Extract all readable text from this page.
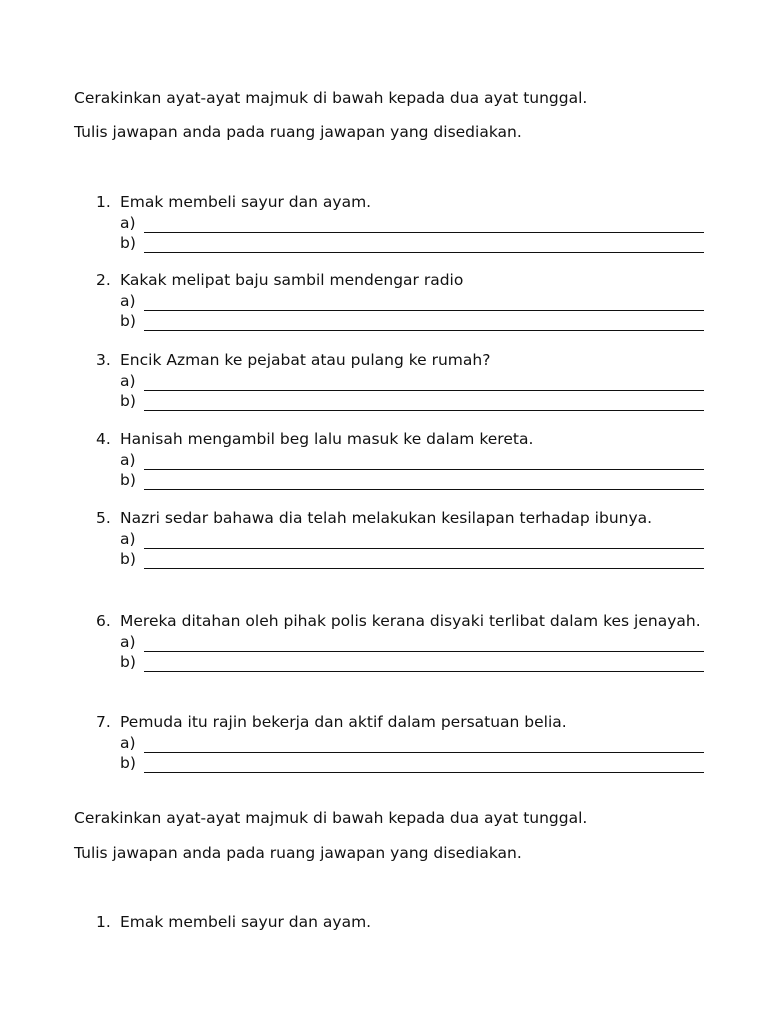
Cerakinkan ayat-ayat majmuk di bawah kepada dua ayat tunggal.

Tulis jawapan anda pada ruang jawapan yang disediakan.

1. Emak membeli sayur dan ayam.
a)
b)
2. Kakak melipat baju sambil mendengar radio
a)
b)
3. Encik Azman ke pejabat atau pulang ke rumah?
a)
b)
4. Hanisah mengambil beg lalu masuk ke dalam kereta.
a)
b)
5. Nazri sedar bahawa dia telah melakukan kesilapan terhadap ibunya.
a)
b)
6. Mereka ditahan oleh pihak polis kerana disyaki terlibat dalam kes jenayah.
a)
b)
7. Pemuda itu rajin bekerja dan aktif dalam persatuan belia.
a)
b)

Cerakinkan ayat-ayat majmuk di bawah kepada dua ayat tunggal.

Tulis jawapan anda pada ruang jawapan yang disediakan.

1. Emak membeli sayur dan ayam.
